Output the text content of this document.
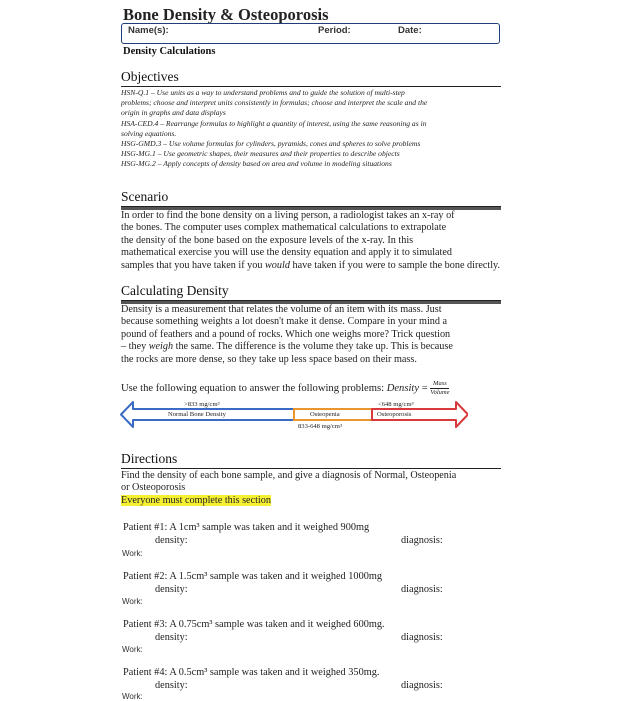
Bone Density & Osteoporosis
Name(s):	Period:	Date:
Density Calculations
Objectives
HSN-Q.1 – Use units as a way to understand problems and to guide the solution of multi-step
problems; choose and interpret units consistently in formulas; choose and interpret the scale and the
origin in graphs and data displays
HSA-CED.4 – Rearrange formulas to highlight a quantity of interest, using the same reasoning as in
solving equations.
HSG-GMD.3 – Use volume formulas for cylinders, pyramids, cones and spheres to solve problems
HSG-MG.1 – Use geometric shapes, their measures and their properties to describe objects
HSG-MG.2 – Apply concepts of density based on area and volume in modeling situations
Scenario
In order to find the bone density on a living person, a radiologist takes an x-ray of
the bones. The computer uses complex mathematical calculations to extrapolate
the density of the bone based on the exposure levels of the x-ray. In this
mathematical exercise you will use the density equation and apply it to simulated
samples that you have taken if you would have taken if you were to sample the bone directly.
Calculating Density
Density is a measurement that relates the volume of an item with its mass. Just
because something weights a lot doesn't make it dense. Compare in your mind a
pound of feathers and a pound of rocks. Which one weighs more? Trick question
– they weigh the same. The difference is the volume they take up. This is because
the rocks are more dense, so they take up less space based on their mass.
Use the following equation to answer the following problems: Density = $\frac{\text{Mass}}{\text{Volume}}$
>833 mg/cm³
Normal Bone Density	Osteopenia
833-648 mg/cm³
<648 mg/cm³
Osteoporosis
Directions
Find the density of each bone sample, and give a diagnosis of Normal, Osteopenia
or Osteoporosis
Everyone must complete this section
Patient #1: A 1cm³ sample was taken and it weighed 900mg
density:	diagnosis:
Work:
Patient #2: A 1.5cm³ sample was taken and it weighed 1000mg
density:	diagnosis:
Work:
Patient #3: A 0.75cm³ sample was taken and it weighed 600mg.
density:	diagnosis:
Work:
Patient #4: A 0.5cm³ sample was taken and it weighed 350mg.
density:	diagnosis:
Work:
